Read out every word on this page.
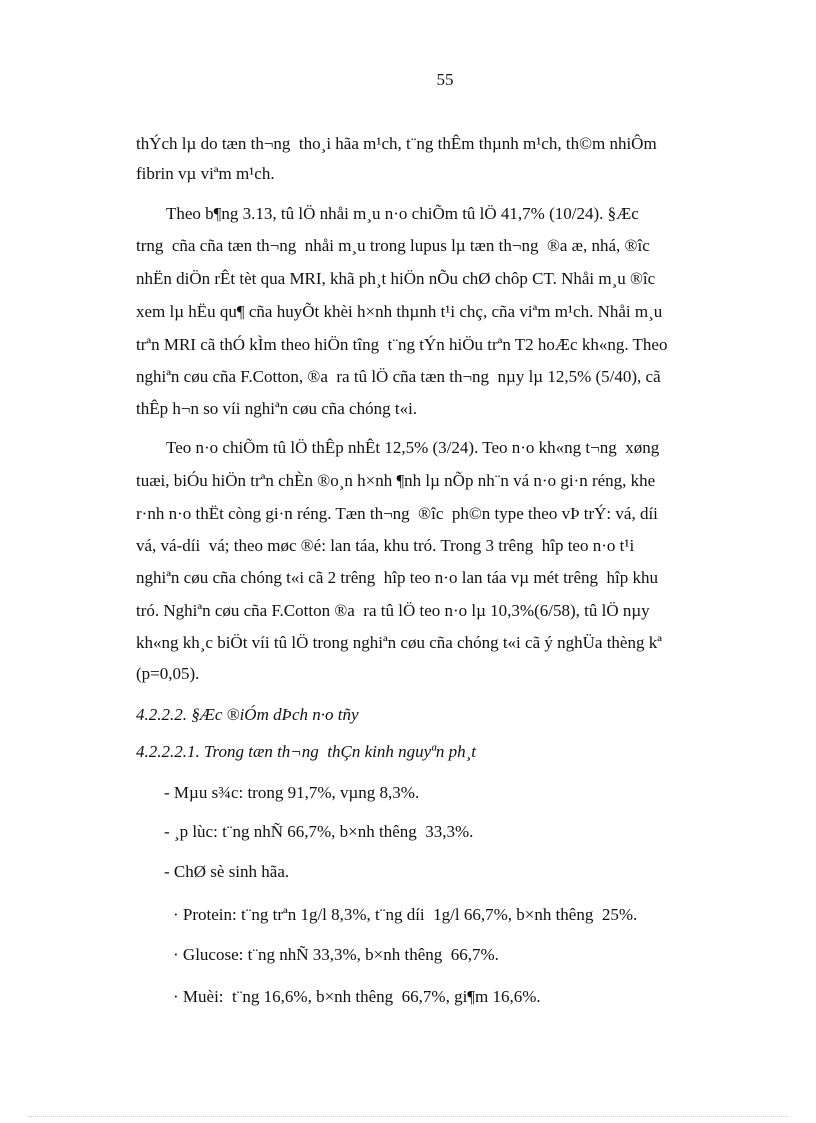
55
thÝch lµ do tæn th¬ng  tho¸i hãa m¹ch, t¨ng thÊm thµnh m¹ch, th©m nhiÔm
fibrin vµ viªm m¹ch.
Theo b¶ng 3.13, tû lÖ nhåi m¸u n·o chiÕm tû lÖ 41,7% (10/24). §Æc
trng  cña cña tæn th¬ng  nhåi m¸u trong lupus lµ tæn th¬ng  ®a æ, nhá, ®îc
nhËn diÖn rÊt tèt qua MRI, khã ph¸t hiÖn nÕu chØ chôp CT. Nhåi m¸u ®îc
xem lµ hËu qu¶ cña huyÕt khèi h×nh thµnh t¹i chç, cña viªm m¹ch. Nhåi m¸u
trªn MRI cã thÓ kÌm theo hiÖn tîng  t¨ng tÝn hiÖu trªn T2 hoÆc kh«ng. Theo
nghiªn cøu cña F.Cotton, ®a  ra tû lÖ cña tæn th¬ng  nµy lµ 12,5% (5/40), cã
thÊp h¬n so víi nghiªn cøu cña chóng t«i.
Teo n·o chiÕm tû lÖ thÊp nhÊt 12,5% (3/24). Teo n·o kh«ng t¬ng  xøng
tuæi, biÓu hiÖn trªn chÈn ®o¸n h×nh ¶nh lµ nÕp nh¨n vá n·o gi·n réng, khe
r·nh n·o thËt còng gi·n réng. Tæn th¬ng  ®îc  ph©n type theo vÞ trÝ: vá, díi
vá, vá-díi  vá; theo møc ®é: lan táa, khu tró. Trong 3 trêng  hîp teo n·o t¹i
nghiªn cøu cña chóng t«i cã 2 trêng  hîp teo n·o lan táa vµ mét trêng  hîp khu
tró. Nghiªn cøu cña F.Cotton ®a  ra tû lÖ teo n·o lµ 10,3%(6/58), tû lÖ nµy
kh«ng kh¸c biÖt víi tû lÖ trong nghiªn cøu cña chóng t«i cã ý nghÜa thèng kª
(p=0,05).
4.2.2.2. §Æc ®iÓm dÞch n·o tñy
4.2.2.2.1. Trong tæn th¬ng  thÇn kinh nguyªn ph¸t
- Mµu s¾c: trong 91,7%, vµng 8,3%.
- ¸p lùc: t¨ng nhÑ 66,7%, b×nh thêng  33,3%.
- ChØ sè sinh hãa.
· Protein: t¨ng trªn 1g/l 8,3%, t¨ng díi  1g/l 66,7%, b×nh thêng  25%.
· Glucose: t¨ng nhÑ 33,3%, b×nh thêng  66,7%.
· Muèi:  t¨ng 16,6%, b×nh thêng  66,7%, gi¶m 16,6%.
